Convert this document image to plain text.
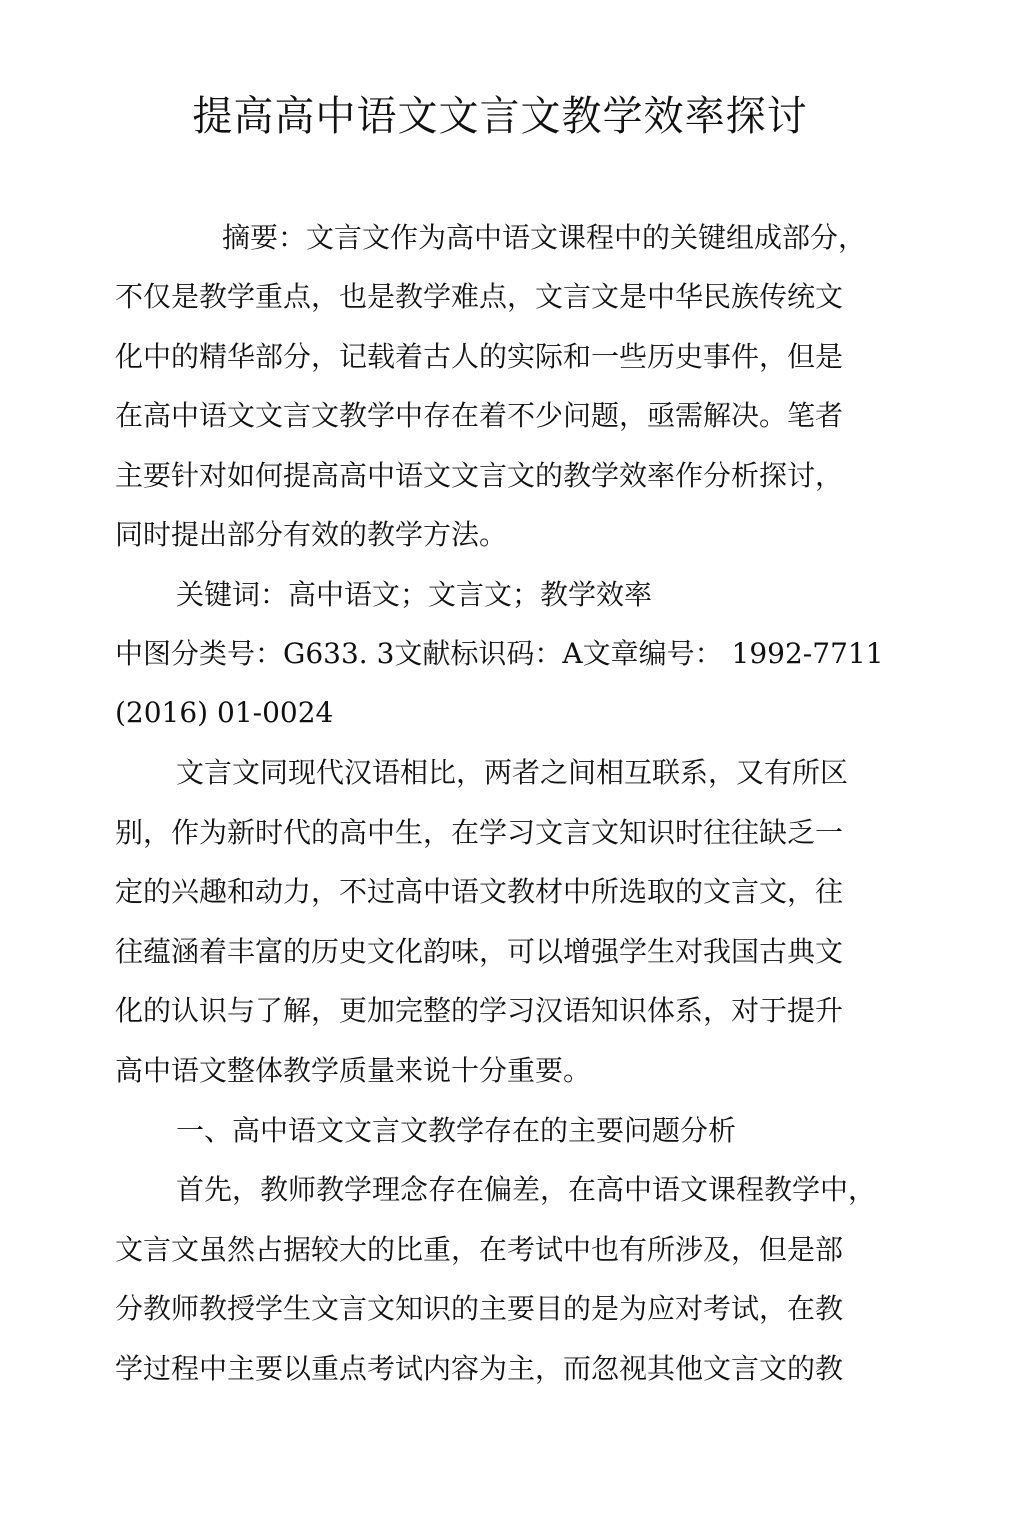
提高高中语文文言文教学效率探讨
摘要：文言文作为高中语文课程中的关键组成部分，
不仅是教学重点，也是教学难点，文言文是中华民族传统文
化中的精华部分，记载着古人的实际和一些历史事件，但是
在高中语文文言文教学中存在着不少问题，亟需解决。笔者
主要针对如何提高高中语文文言文的教学效率作分析探讨，
同时提出部分有效的教学方法。
关键词：高中语文；文言文；教学效率
中图分类号：G633. 3文献标识码：A文章编号： 1992-7711
(2016) 01-0024
文言文同现代汉语相比，两者之间相互联系，又有所区
别，作为新时代的高中生，在学习文言文知识时往往缺乏一
定的兴趣和动力，不过高中语文教材中所选取的文言文，往
往蕴涵着丰富的历史文化韵味，可以增强学生对我国古典文
化的认识与了解，更加完整的学习汉语知识体系，对于提升
高中语文整体教学质量来说十分重要。
一、高中语文文言文教学存在的主要问题分析
首先，教师教学理念存在偏差，在高中语文课程教学中，
文言文虽然占据较大的比重，在考试中也有所涉及，但是部
分教师教授学生文言文知识的主要目的是为应对考试，在教
学过程中主要以重点考试内容为主，而忽视其他文言文的教
